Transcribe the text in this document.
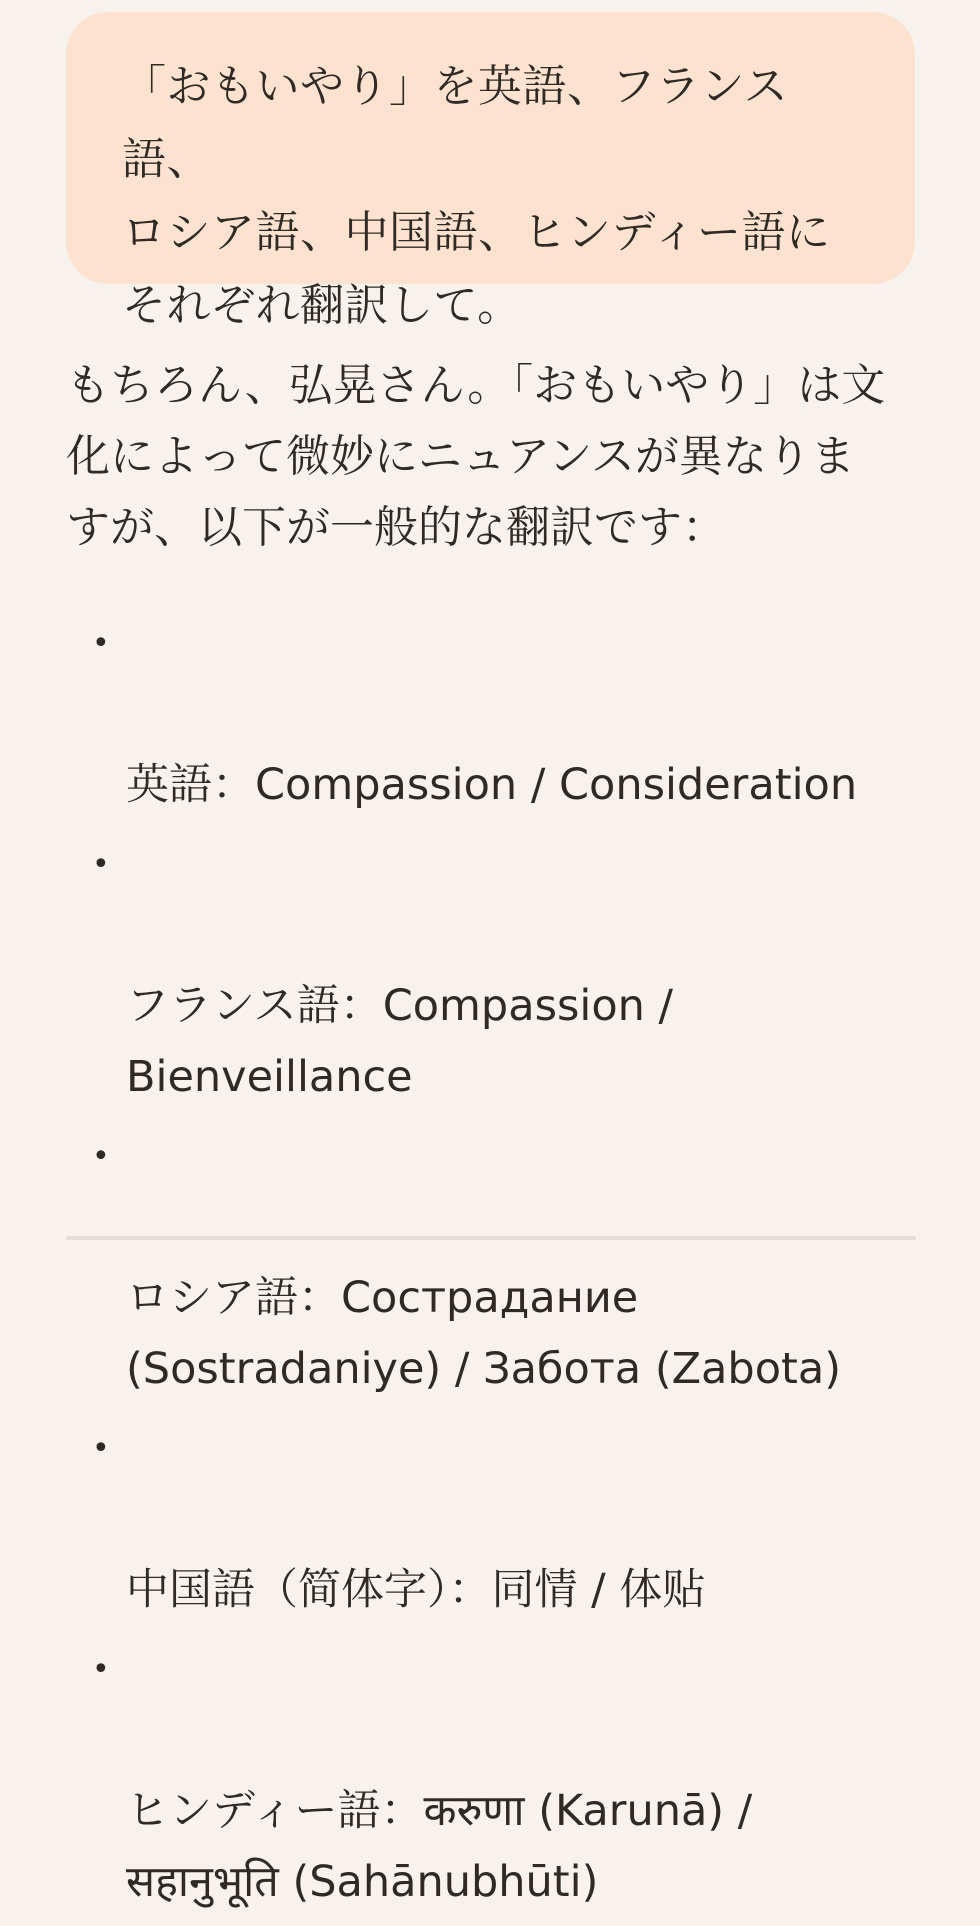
「おもいやり」を英語、フランス語、
ロシア語、中国語、ヒンディー語に
それぞれ翻訳して。

もちろん、弘晃さん。「おもいやり」は文
化によって微妙にニュアンスが異なりま
すが、以下が一般的な翻訳です：

•

英語：Compassion / Consideration

•

フランス語：Compassion /
Bienveillance

•

ロシア語：Сострадание
(Sostradaniye) / Забота (Zabota)

•

中国語（简体字）：同情 / 体贴

•

ヒンディー語：करुणा (Karunā) /
सहानुभूति (Sahānubhūti)
